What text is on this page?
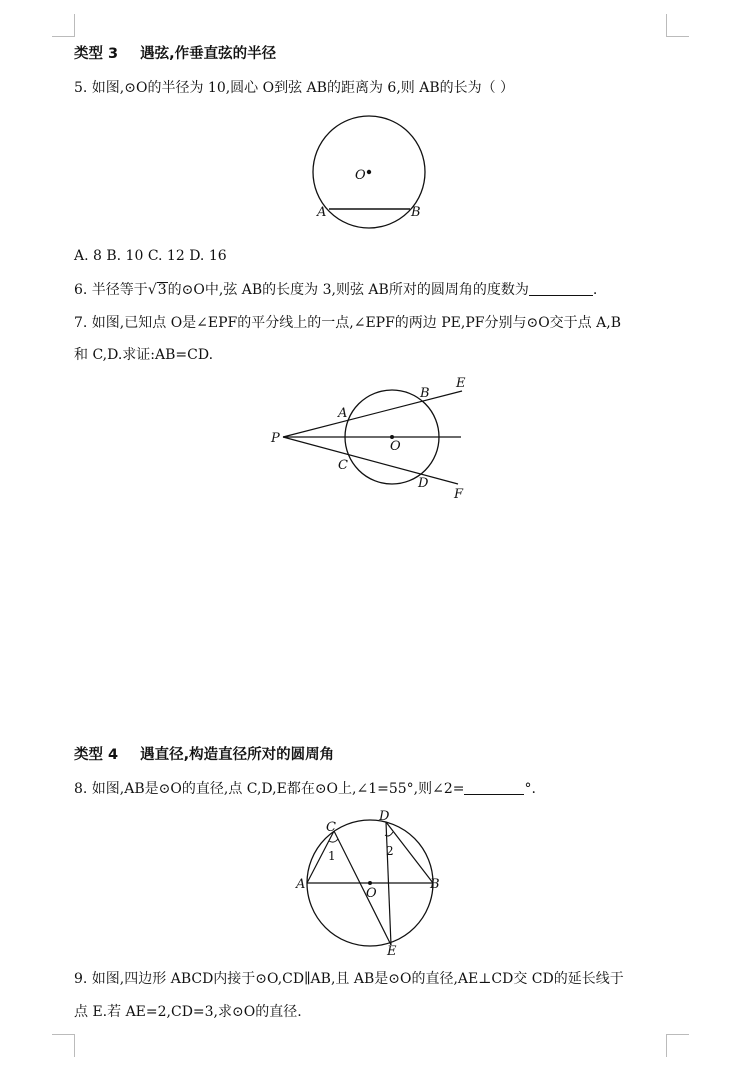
类型 3 遇弦,作垂直弦的半径
5. 如图,⊙O的半径为 10,圆心 O到弦 AB的距离为 6,则 AB的长为（ ）
O
A	B
A. 8 B. 10 C. 12 D. 16
6. 半径等于√3的⊙O中,弦 AB的长度为 3,则弦 AB所对的圆周角的度数为	.
7. 如图,已知点 O是∠EPF的平分线上的一点,∠EPF的两边 PE,PF分别与⊙O交于点 A,B
和 C,D.求证:AB=CD.
P
A
B
E
O
C
D
F
类型 4 遇直径,构造直径所对的圆周角
8. 如图,AB是⊙O的直径,点 C,D,E都在⊙O上,∠1=55°,则∠2=	°.
C
D
A	B
O
E
1	2
9. 如图,四边形 ABCD内接于⊙O,CD∥AB,且 AB是⊙O的直径,AE⊥CD交 CD的延长线于
点 E.若 AE=2,CD=3,求⊙O的直径.
